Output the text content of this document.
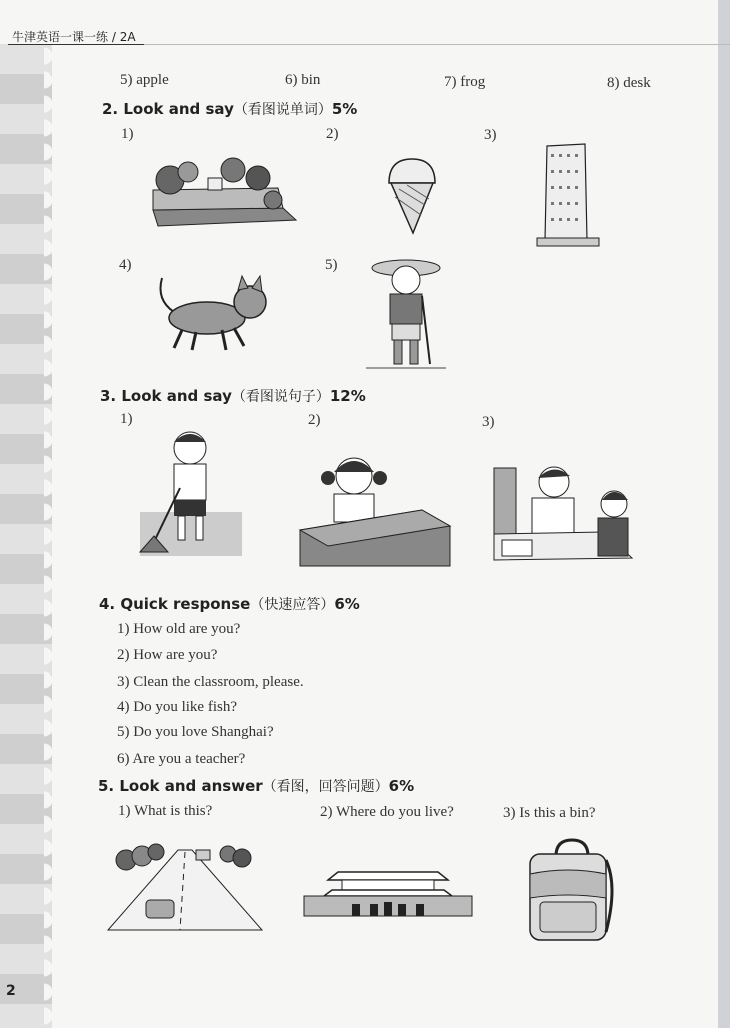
牛津英语一课一练 / 2A
5) apple	6) bin	7) frog	8) desk
2. Look and say（看图说单词）5%
1)	2)	3)
4)	5)
3. Look and say（看图说句子）12%
1)	2)	3)
4. Quick response（快速应答）6%
1) How old are you?
2) How are you?
3) Clean the classroom, please.
4) Do you like fish?
5) Do you love Shanghai?
6) Are you a teacher?
5. Look and answer（看图，回答问题）6%
1) What is this?	2) Where do you live?	3) Is this a bin?
2
